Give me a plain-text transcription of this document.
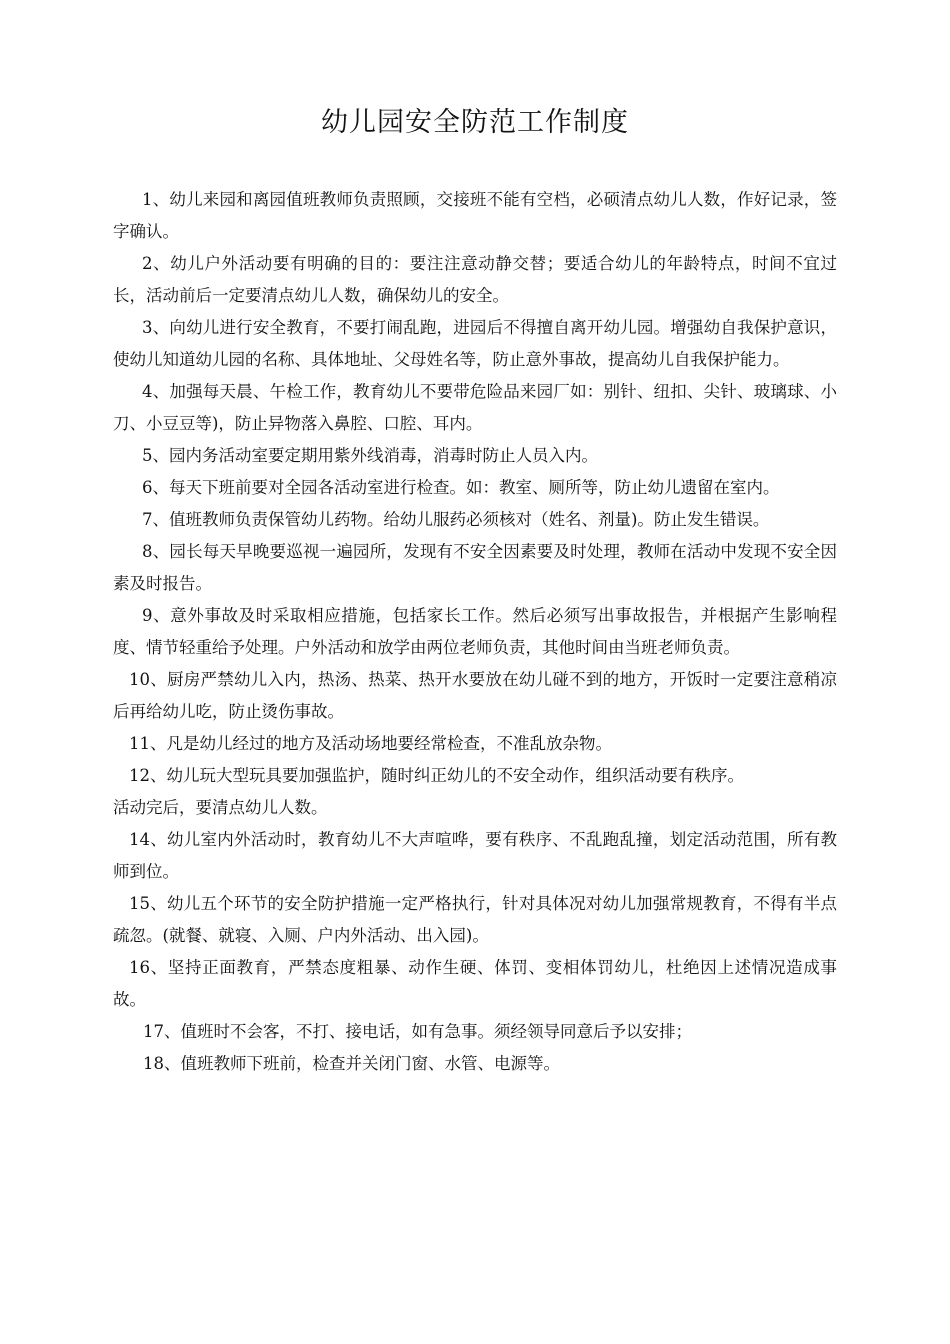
幼儿园安全防范工作制度

1、幼儿来园和离园值班教师负责照顾，交接班不能有空档，必硕清点幼儿人数，作好记录，签字确认。

2、幼儿户外活动要有明确的目的：要注注意动静交替；要适合幼儿的年龄特点，时间不宜过长，活动前后一定要清点幼儿人数，确保幼儿的安全。

3、向幼儿进行安全教育，不要打闹乱跑，进园后不得擅自离开幼儿园。增强幼自我保护意识，使幼儿知道幼儿园的名称、具体地址、父母姓名等，防止意外事故，提高幼儿自我保护能力。

4、加强每天晨、午检工作，教育幼儿不要带危险品来园厂如：别针、纽扣、尖针、玻璃球、小刀、小豆豆等)，防止异物落入鼻腔、口腔、耳内。

5、园内务活动室要定期用紫外线消毒，消毒时防止人员入内。

6、每天下班前要对全园各活动室进行检查。如：教室、厕所等，防止幼儿遗留在室内。

7、值班教师负责保管幼儿药物。给幼儿服药必须核对（姓名、剂量)。防止发生错误。

8、园长每天早晚要巡视一遍园所，发现有不安全因素要及时处理，教师在活动中发现不安全因素及时报告。

9、意外事故及时采取相应措施，包括家长工作。然后必须写出事故报告，并根据产生影响程度、情节轻重给予处理。户外活动和放学由两位老师负责，其他时间由当班老师负责。

10、厨房严禁幼儿入内，热汤、热菜、热开水要放在幼儿碰不到的地方，开饭时一定要注意稍凉后再给幼儿吃，防止烫伤事故。

11、凡是幼儿经过的地方及活动场地要经常检查，不准乱放杂物。

12、幼儿玩大型玩具要加强监护，随时纠正幼儿的不安全动作，组织活动要有秩序。

活动完后，要清点幼儿人数。

14、幼儿室内外活动时，教育幼儿不大声喧哗，要有秩序、不乱跑乱撞，划定活动范围，所有教师到位。

15、幼儿五个环节的安全防护措施一定严格执行，针对具体况对幼儿加强常规教育，不得有半点疏忽。(就餐、就寝、入厕、户内外活动、出入园)。

16、坚持正面教育，严禁态度粗暴、动作生硬、体罚、变相体罚幼儿，杜绝因上述情况造成事故。

17、值班时不会客，不打、接电话，如有急事。须经领导同意后予以安排；

18、值班教师下班前，检查并关闭门窗、水管、电源等。
